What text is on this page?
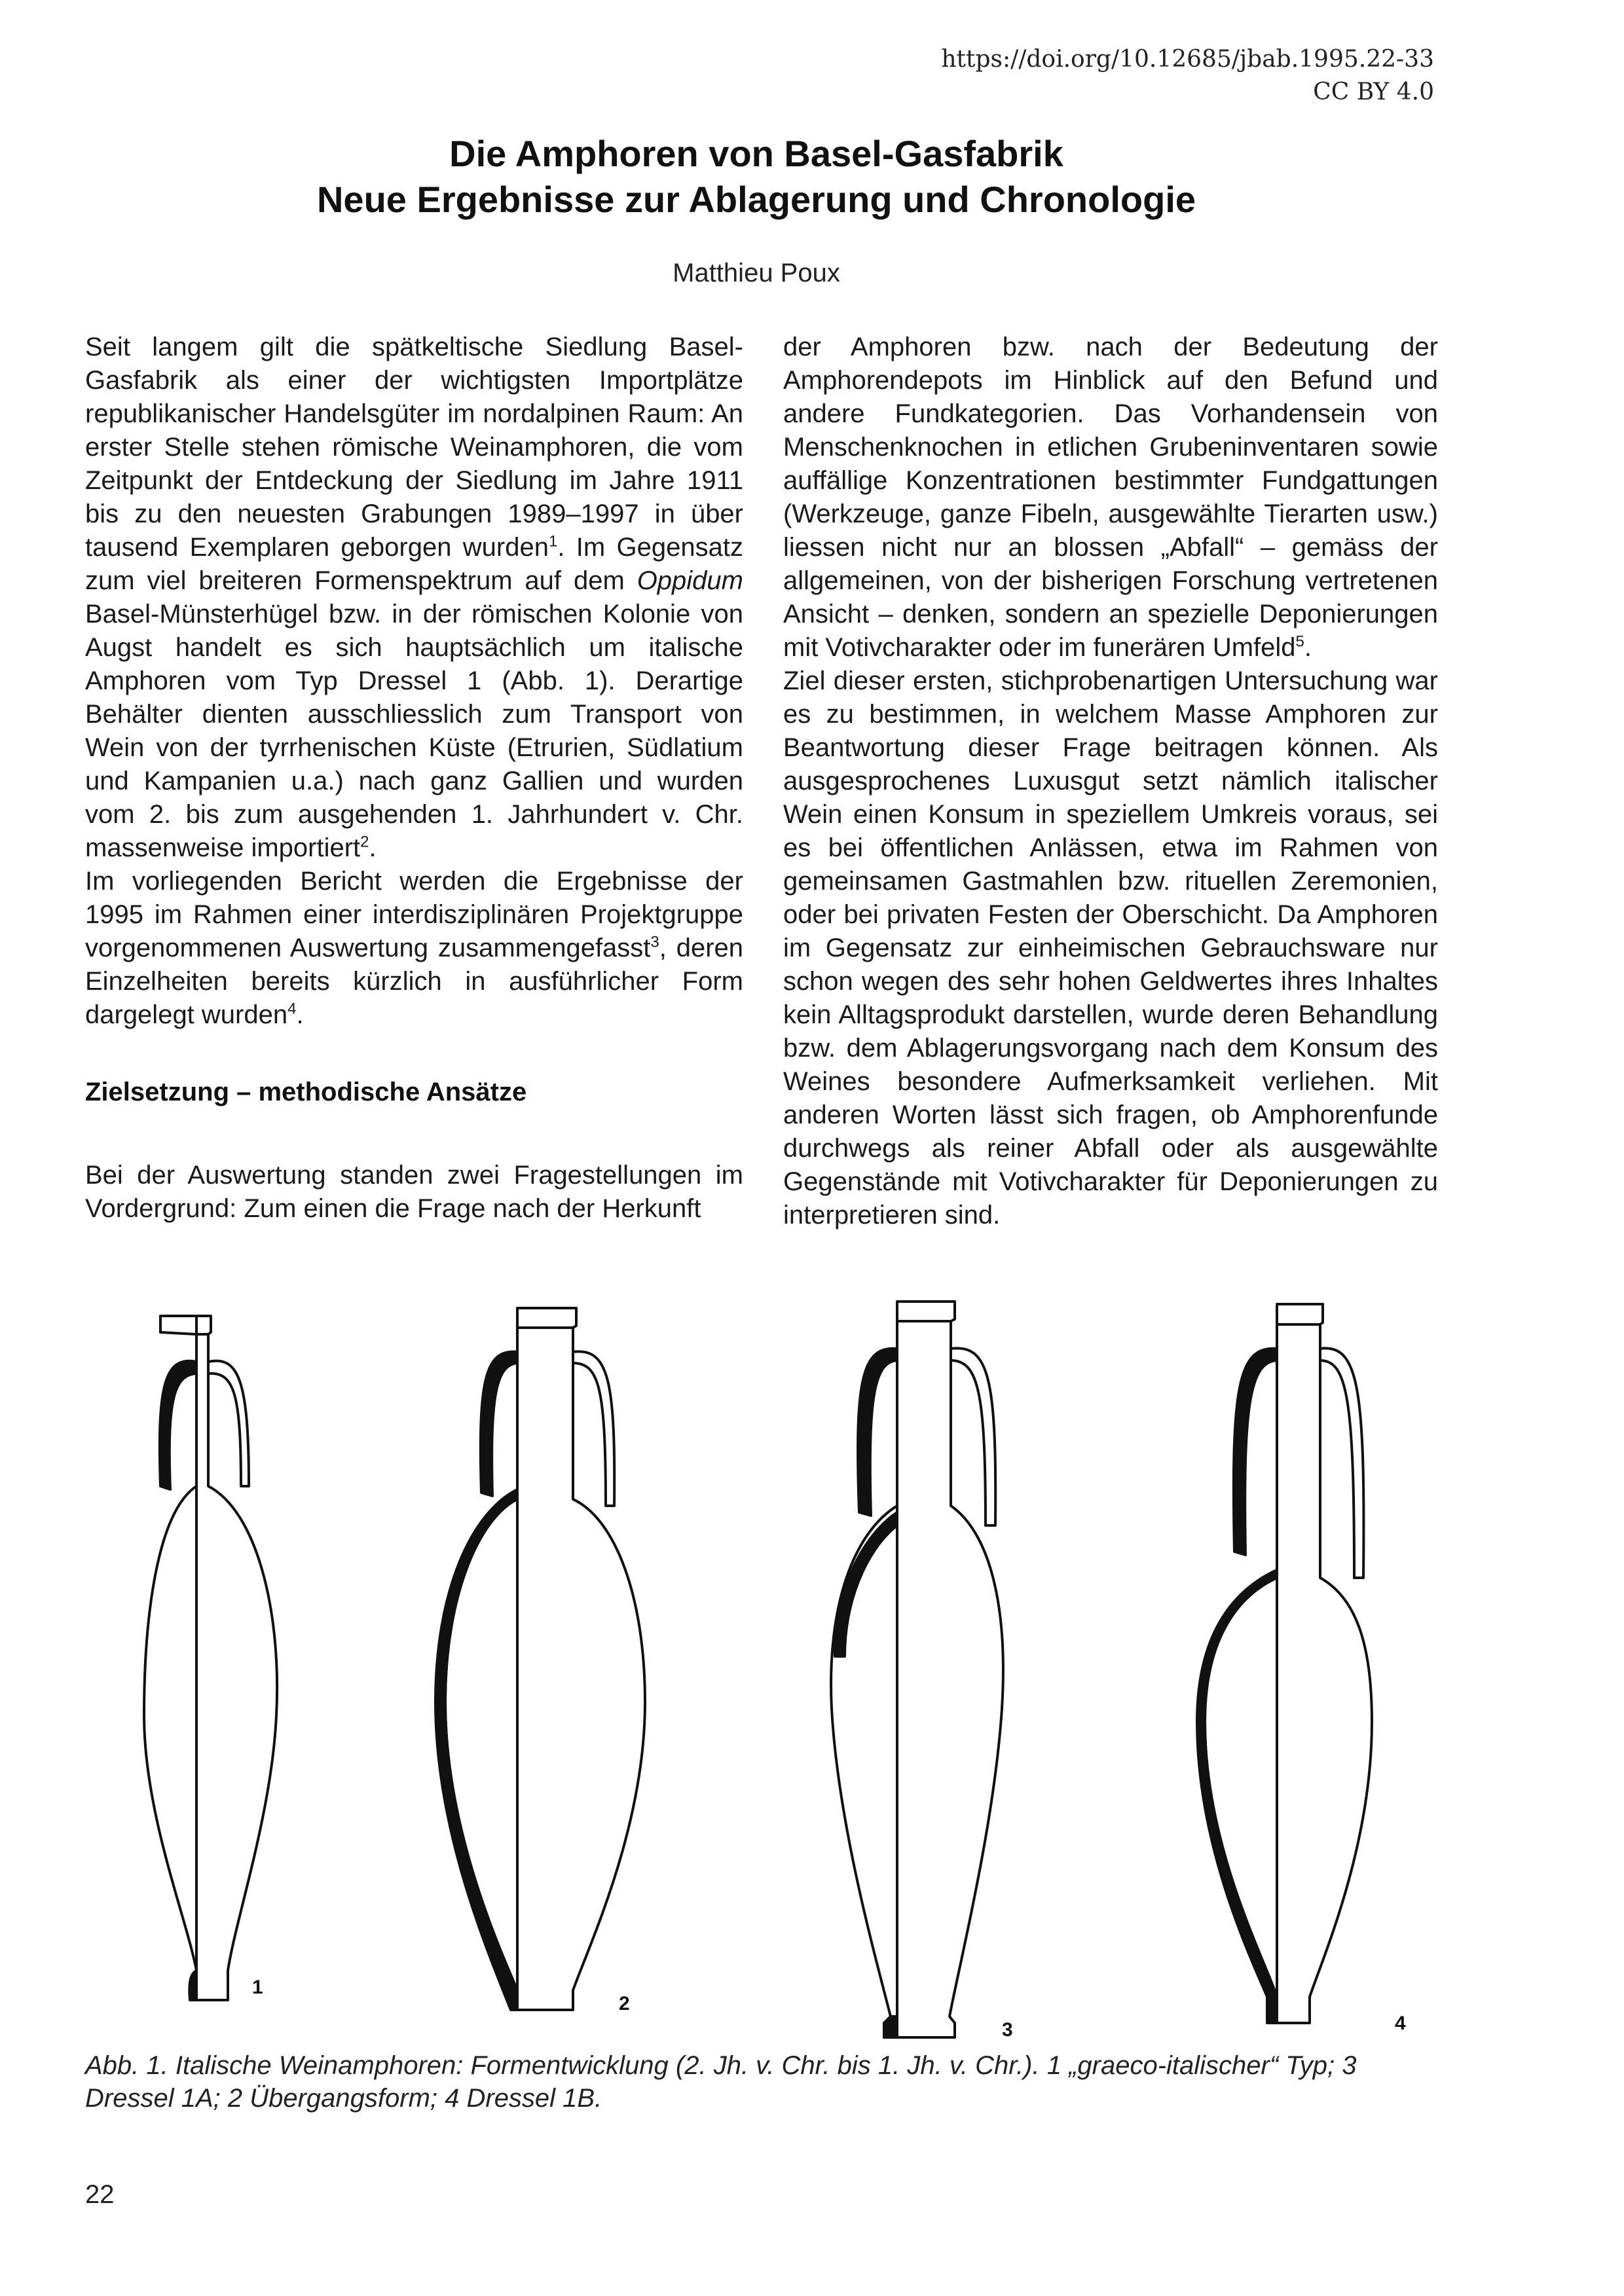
https://doi.org/10.12685/jbab.1995.22-33
CC BY 4.0
Die Amphoren von Basel-Gasfabrik
Neue Ergebnisse zur Ablagerung und Chronologie
Matthieu Poux

Seit langem gilt die spätkeltische Siedlung Basel-Gasfabrik als einer der wichtigsten Importplätze republikanischer Handelsgüter im nordalpinen Raum: An erster Stelle stehen römische Weinamphoren, die vom Zeitpunkt der Entdeckung der Siedlung im Jahre 1911 bis zu den neuesten Grabungen 1989–1997 in über tausend Exemplaren geborgen wurden$^1$. Im Gegensatz zum viel breiteren Formenspektrum auf dem Oppidum Basel-Münsterhügel bzw. in der römischen Kolonie von Augst handelt es sich hauptsächlich um italische Amphoren vom Typ Dressel 1 (Abb. 1). Derartige Behälter dienten ausschliesslich zum Transport von Wein von der tyrrhenischen Küste (Etrurien, Südlatium und Kampanien u.a.) nach ganz Gallien und wurden vom 2. bis zum ausgehenden 1. Jahrhundert v. Chr. massenweise importiert$^2$.

Im vorliegenden Bericht werden die Ergebnisse der 1995 im Rahmen einer interdisziplinären Projektgruppe vorgenommenen Auswertung zusammengefasst$^3$, deren Einzelheiten bereits kürzlich in ausführlicher Form dargelegt wurden$^4$.

Zielsetzung – methodische Ansätze

Bei der Auswertung standen zwei Fragestellungen im Vordergrund: Zum einen die Frage nach der Herkunft

der Amphoren bzw. nach der Bedeutung der Amphorendepots im Hinblick auf den Befund und andere Fundkategorien. Das Vorhandensein von Menschenknochen in etlichen Grubeninventaren sowie auffällige Konzentrationen bestimmter Fundgattungen (Werkzeuge, ganze Fibeln, ausgewählte Tierarten usw.) liessen nicht nur an blossen „Abfall“ – gemäss der allgemeinen, von der bisherigen Forschung vertretenen Ansicht – denken, sondern an spezielle Deponierungen mit Votivcharakter oder im funerären Umfeld$^5$.

Ziel dieser ersten, stichprobenartigen Untersuchung war es zu bestimmen, in welchem Masse Amphoren zur Beantwortung dieser Frage beitragen können. Als ausgesprochenes Luxusgut setzt nämlich italischer Wein einen Konsum in speziellem Umkreis voraus, sei es bei öffentlichen Anlässen, etwa im Rahmen von gemeinsamen Gastmahlen bzw. rituellen Zeremonien, oder bei privaten Festen der Oberschicht. Da Amphoren im Gegensatz zur einheimischen Gebrauchsware nur schon wegen des sehr hohen Geldwertes ihres Inhaltes kein Alltagsprodukt darstellen, wurde deren Behandlung bzw. dem Ablagerungsvorgang nach dem Konsum des Weines besondere Aufmerksamkeit verliehen. Mit anderen Worten lässt sich fragen, ob Amphorenfunde durchwegs als reiner Abfall oder als ausgewählte Gegenstände mit Votivcharakter für Deponierungen zu interpretieren sind.

1
2
3	4
Abb. 1. Italische Weinamphoren: Formentwicklung (2. Jh. v. Chr. bis 1. Jh. v. Chr.). 1 „graeco-italischer“ Typ; 3 Dressel 1A; 2 Übergangsform; 4 Dressel 1B.
22
